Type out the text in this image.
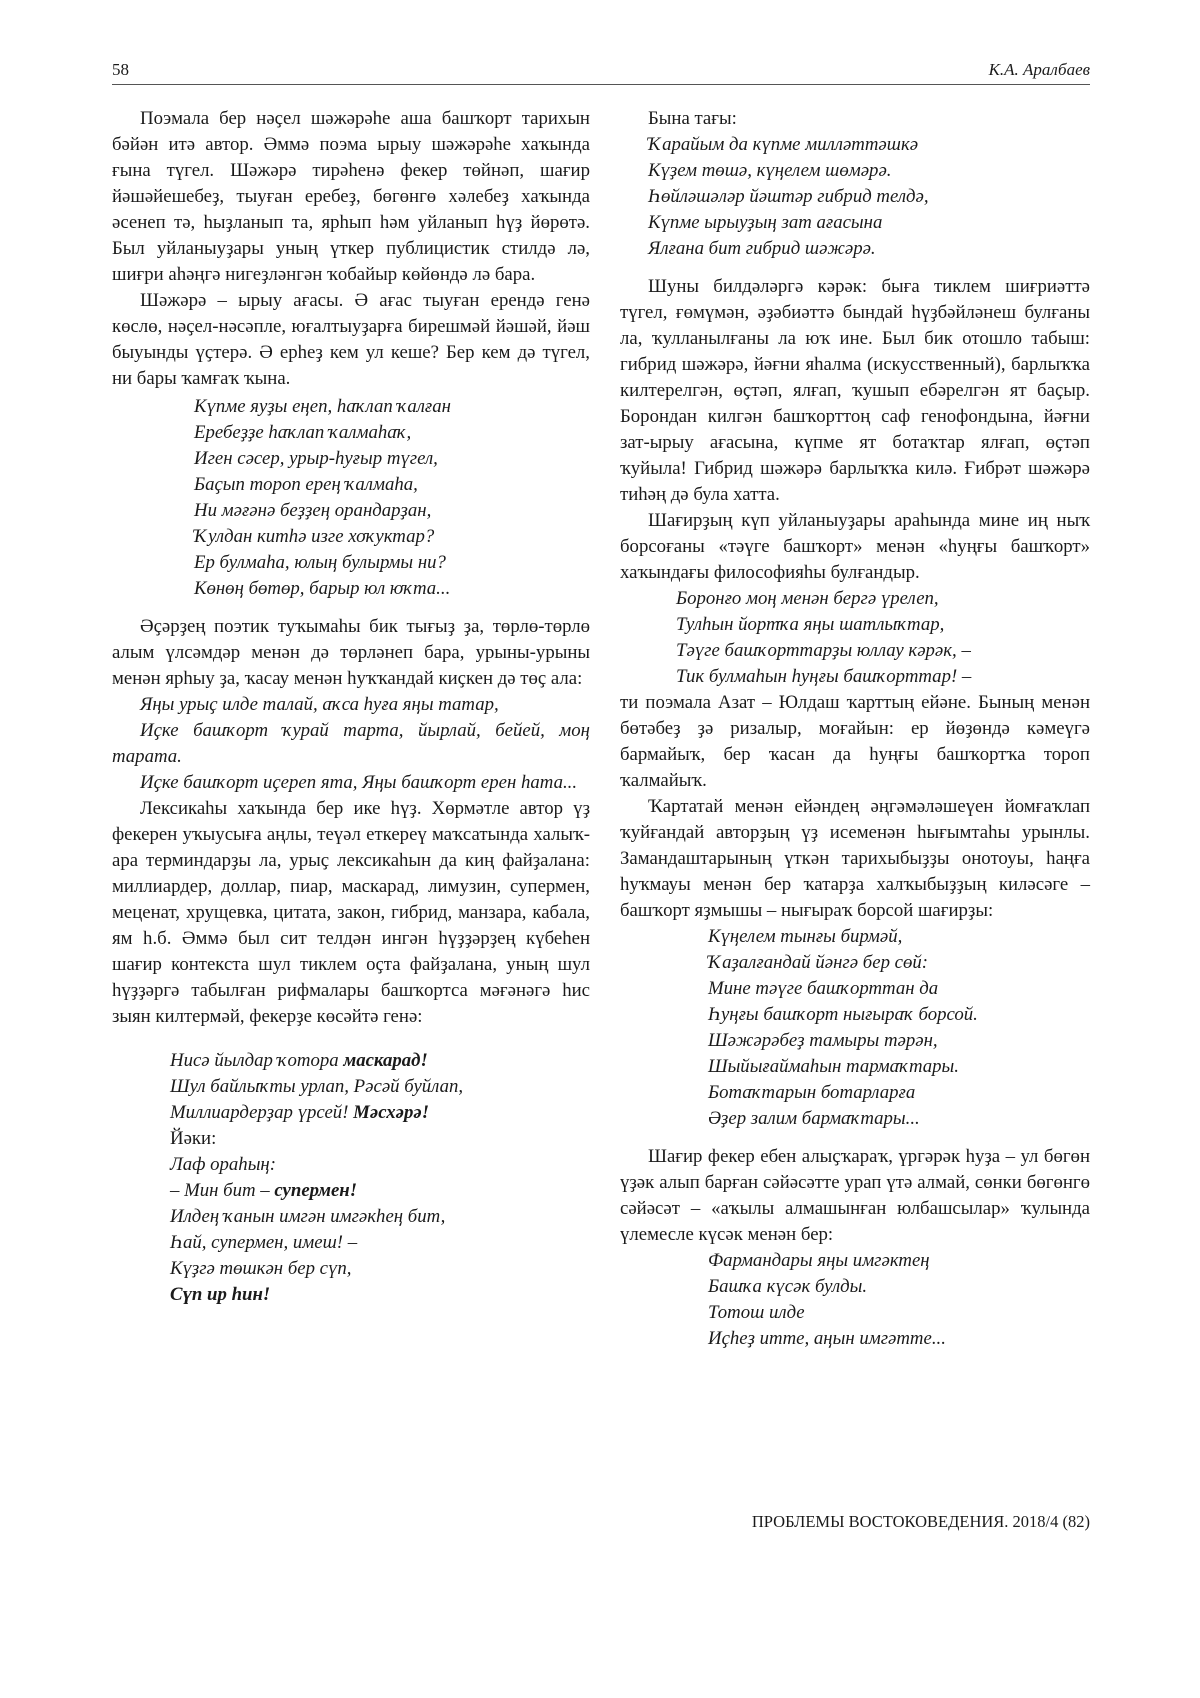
58	К.А. Аралбаев

Поэмала бер нәҫел шәжәрәһе аша башҡорт тарихын бәйән итә автор. Әммә поэма ырыу шәжәрәһе хаҡында ғына түгел. Шәжәрә тирәһенә фекер төйнәп, шағир йәшәйешебеҙ, тыуған еребеҙ, бөгөнгө хәлебеҙ хаҡында әсенеп тә, һыҙланып та, ярһып һәм уйланып һүҙ йөрөтә. Был уйланыуҙары уның үткер публицистик стилдә лә, шиғри аһәңгә нигеҙләнгән ҡобайыр көйөндә лә бара.

Шәжәрә – ырыу ағасы. Ә ағас тыуған ерендә генә көслө, нәҫел-нәсәпле, юғалтыуҙарға бирешмәй йәшәй, йәш быуынды үҫтерә. Ә ерһеҙ кем ул кеше? Бер кем дә түгел, ни бары ҡамғаҡ ҡына.

Күпме яуҙы еңеп, һаҡлап ҡалған
Еребеҙҙе һаҡлап ҡалмаһаҡ,
Иген сәсер, урыр-һуғыр түгел,
Баҫып тороп ерең ҡалмаһа,
Ни мәғәнә беҙҙең орандарҙан,
Ҡулдан китһә изге хоҡуктар?
Ер булмаһа, юлың булырмы ни?
Көнөң бөтөр, барыр юл юҡта...

Әҫәрҙең поэтик туҡымаһы бик тығыҙ ҙа, төрлө-төрлө алым үлсәмдәр менән дә төрләнеп бара, урыны-урыны менән ярһыу ҙа, ҡасау менән һуҡҡандай киҫкен дә төҫ ала:

Яңы урыҫ илде талай, аҡса һуға яңы татар,

Иҫке башҡорт ҡурай тарта, йырлай, бейей, моң тарата.

Иҫке башҡорт иҫереп ята, Яңы башҡорт ерен һата...

Лексикаһы хаҡында бер ике һүҙ. Хөрмәтле автор үҙ фекерен уҡыусыға аңлы, теүәл еткереү маҡсатында халыҡ-ара терминдарҙы ла, урыҫ лексикаһын да киң файҙалана: миллиардер, доллар, пиар, маскарад, лимузин, супермен, меценат, хрущевка, цитата, закон, гибрид, манзара, кабала, ям һ.б. Әммә был сит телдән ингән һүҙҙәрҙең күбеһен шағир контекста шул тиклем оҫта файҙалана, уның шул һүҙҙәргә табылған рифмалары башҡортса мәғәнәгә һис зыян килтермәй, фекерҙе көсәйтә генә:

Нисә йылдар ҡотора маскарад!
Шул байлыҡты урлап, Рәсәй буйлап,
Миллиардерҙар үрсей! Мәсхәрә!
Йәки:
Лаф ораһың:
– Мин бит – супермен!
Илдең ҡанын имгән имгәкһең бит,
Һай, супермен, имеш! –
Күҙгә төшкән бер сүп,
Сүп ир һин!

Бына тағы:

Ҡарайым да күпме милләттәшкә
Күҙем төшә, күңелем шөмәрә.
Һөйләшәләр йәштәр гибрид телдә,
Күпме ырыуҙың зат ағасына
Ялғана бит гибрид шәжәрә.

Шуны билдәләргә кәрәк: быға тиклем шиғриәттә түгел, ғөмүмән, әҙәбиәттә бындай һүҙбәйләнеш булғаны ла, ҡулланылғаны ла юҡ ине. Был бик отошло табыш: гибрид шәжәрә, йәғни яһалма (искусственный), барлыҡҡа килтерелгән, өҫтәп, ялғап, ҡушып ебәрелгән ят баҫыр. Борондан килгән башҡорттоң саф генофондына, йәғни зат-ырыу ағасына, күпме ят ботаҡтар ялғап, өҫтәп ҡуйыла! Гибрид шәжәрә барлыҡҡа килә. Ғибрәт шәжәрә тиһәң дә була хатта.

Шағирҙың күп уйланыуҙары араһында мине иң ныҡ борсоғаны «тәүге башҡорт» менән «һуңғы башҡорт» хаҡындағы философияһы булғандыр.

Боронғо моң менән бергә үрелеп,
Тулһын йортҡа яңы шатлыҡтар,
Тәүге башҡорттарҙы юллау кәрәк, –
Тик булмаһын һуңғы башҡорттар! –

ти поэмала Азат – Юлдаш ҡарттың ейәне. Бының менән бөтәбеҙ ҙә ризалыр, моғайын: ер йөҙөндә кәмеүгә бармайыҡ, бер ҡасан да һуңғы башҡортҡа тороп ҡалмайыҡ.

Ҡартатай менән ейәндең әңгәмәләшеүен йомғаҡлап ҡуйғандай авторҙың үҙ исеменән һығымтаһы урынлы. Замандаштарының үткән тарихыбыҙҙы онотоуы, һаңға һуҡмауы менән бер ҡатарҙа халҡыбыҙҙың киләсәге – башҡорт яҙмышы – нығыраҡ борсой шағирҙы:

Күңелем тынғы бирмәй,
Ҡаҙалғандай йәнгә бер сөй:
Мине тәүге башҡорттан да
Һуңғы башҡорт нығыраҡ борсой.
Шәжәрәбеҙ тамыры тәрән,
Шыйығаймаһын тармаҡтары.
Ботаҡтарын ботарларға
Әҙер залим бармаҡтары...

Шағир фекер ебен алыҫҡараҡ, үргәрәк һуҙа – ул бөгөн үҙәк алып барған сәйәсәтте урап үтә алмай, сөнки бөгөнгө сәйәсәт – «аҡылы алмашынған юлбашсылар» ҡулында үлемесле күсәк менән бер:

Фармандары яңы имгәктең
Башҡа күсәк булды.
Тотош илде
Иҫһеҙ итте, аңын имгәтте...
ПРОБЛЕМЫ ВОСТОКОВЕДЕНИЯ. 2018/4 (82)
